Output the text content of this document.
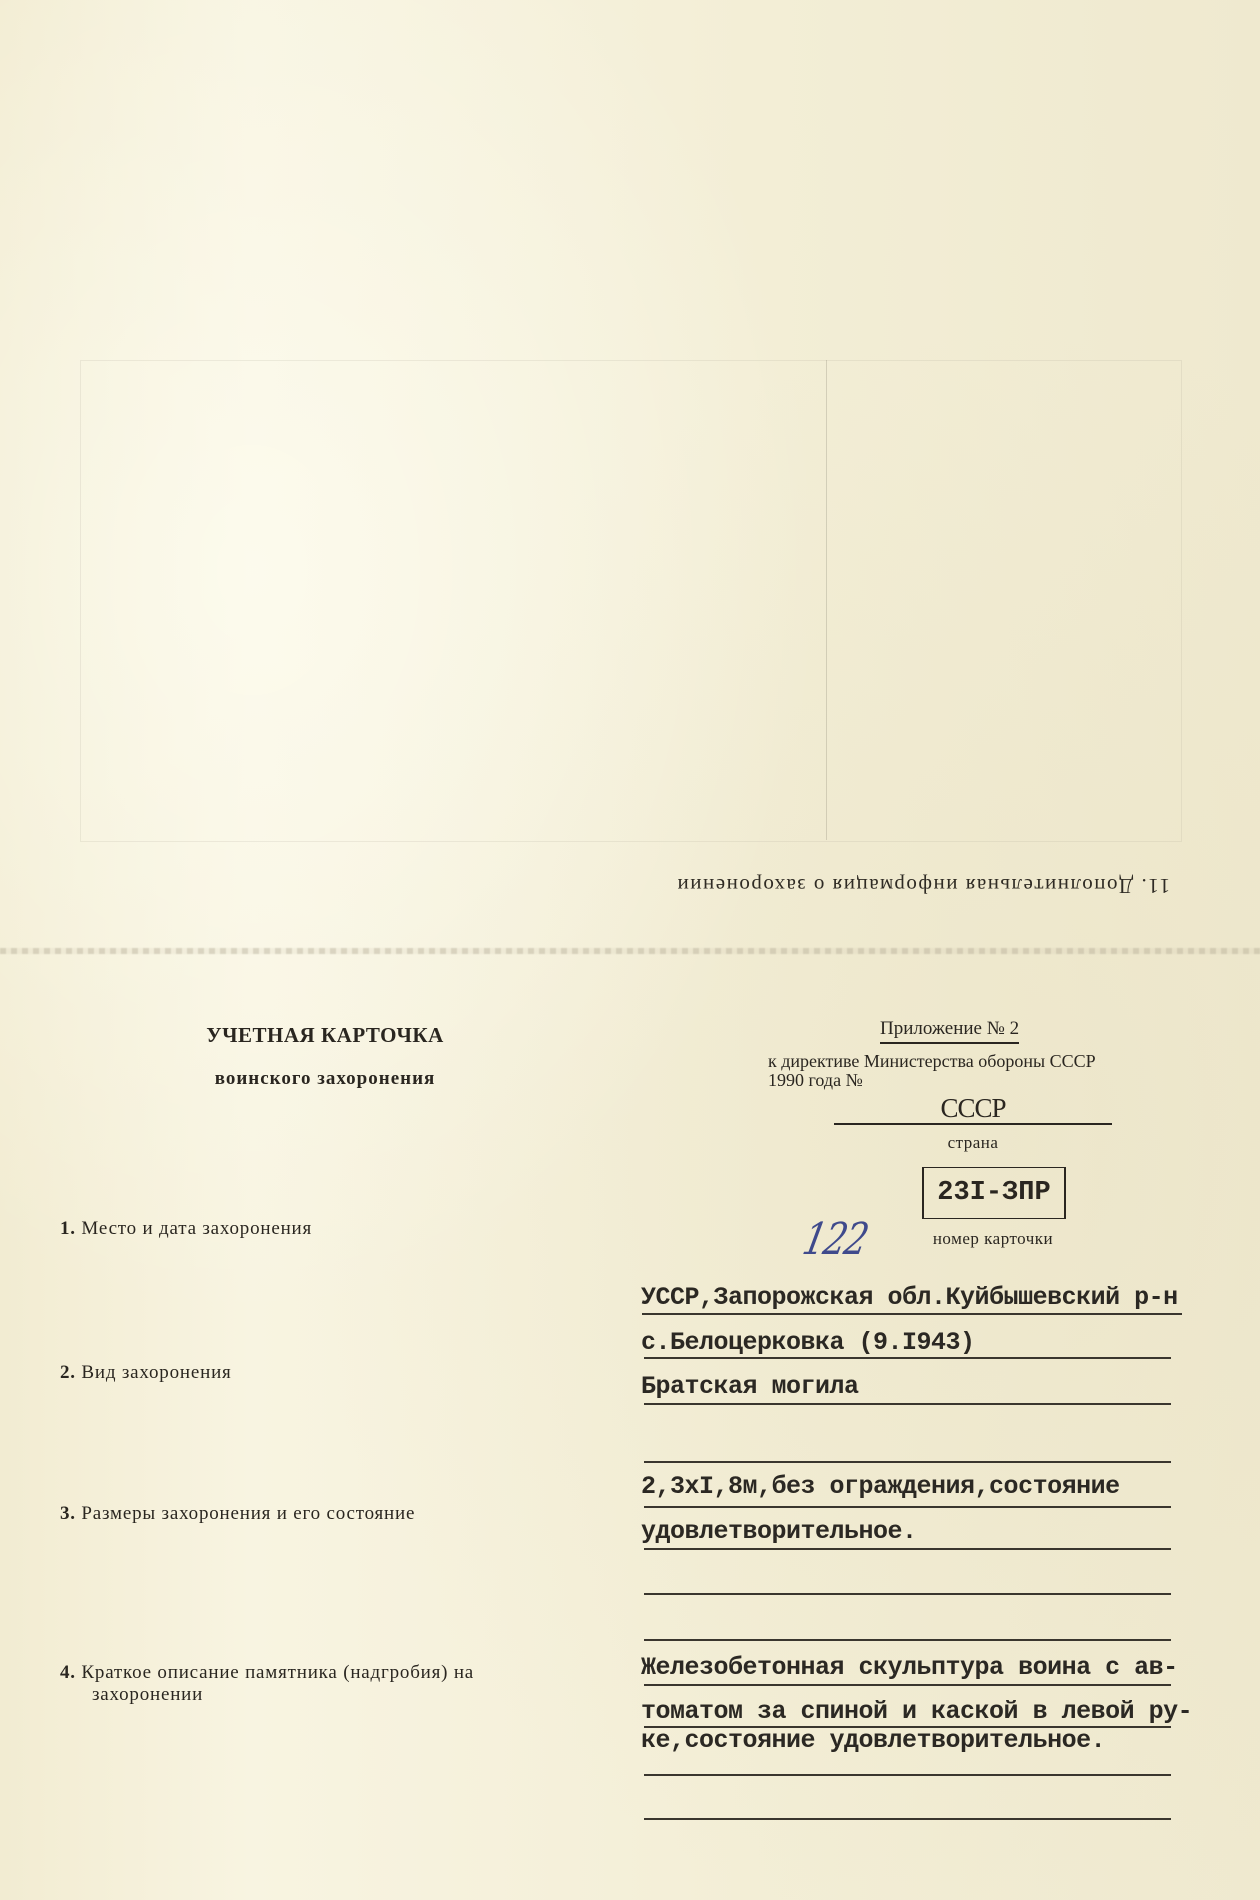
11. Дополнительная информация о захоронении
УЧЕТНАЯ КАРТОЧКА
воинского захоронения
Приложение № 2
к директиве Министерства обороны СССР
1990 года №
СССР
страна
23I-ЗПР
номер карточки
122
1. Место и дата захоронения
УССР,Запорожская обл.Куйбышевский р-н
с.Белоцерковка (9.I943)
2. Вид захоронения	Братская могила
3. Размеры захоронения и его состояние
2,3хI,8м,без ограждения,состояние
удовлетворительное.
4. Краткое описание памятника (надгробия) на
захоронении
Железобетонная скульптура воина с ав-
томатом за спиной и каской в левой ру-
ке,состояние удовлетворительное.
